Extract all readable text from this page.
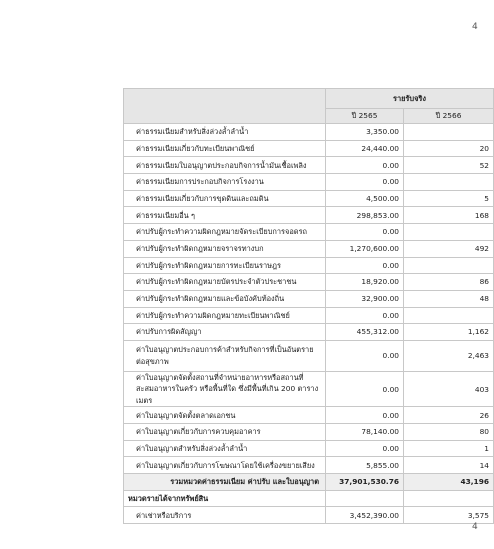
4
	รายรับจริง	
	ปี 2565	ปี 2566
ค่าธรรมเนียมสำหรับสิ่งล่วงล้ำลำน้ำ	3,350.00	
ค่าธรรมเนียมเกี่ยวกับทะเบียนพาณิชย์	24,440.00	20
ค่าธรรมเนียมใบอนุญาตประกอบกิจการน้ำมันเชื้อเพลิง	0.00	52
ค่าธรรมเนียมการประกอบกิจการโรงงาน	0.00	
ค่าธรรมเนียมเกี่ยวกับการขุดดินและถมดิน	4,500.00	5
ค่าธรรมเนียมอื่น ๆ	298,853.00	168
ค่าปรับผู้กระทำความผิดกฎหมายจัดระเบียบการจอดรถ	0.00	
ค่าปรับผู้กระทำผิดกฎหมายจราจรทางบก	1,270,600.00	492
ค่าปรับผู้กระทำผิดกฎหมายการทะเบียนราษฎร	0.00	
ค่าปรับผู้กระทำผิดกฎหมายบัตรประจำตัวประชาชน	18,920.00	86
ค่าปรับผู้กระทำผิดกฎหมายและข้อบังคับท้องถิ่น	32,900.00	48
ค่าปรับผู้กระทำความผิดกฎหมายทะเบียนพาณิชย์	0.00	
ค่าปรับการผิดสัญญา	455,312.00	1,162
ค่าใบอนุญาตประกอบการค้าสำหรับกิจการที่เป็นอันตรายต่อสุขภาพ	0.00	2,463
ค่าใบอนุญาตจัดตั้งสถานที่จำหน่ายอาหารหรือสถานที่สะสมอาหารในครัว หรือพื้นที่ใด ซึ่งมีพื้นที่เกิน 200 ตารางเมตร	0.00	403
ค่าใบอนุญาตจัดตั้งตลาดเอกชน	0.00	26
ค่าใบอนุญาตเกี่ยวกับการควบคุมอาคาร	78,140.00	80
ค่าใบอนุญาตสำหรับสิ่งล่วงล้ำลำน้ำ	0.00	1
ค่าใบอนุญาตเกี่ยวกับการโฆษณาโดยใช้เครื่องขยายเสียง	5,855.00	14
รวมหมวดค่าธรรมเนียม ค่าปรับ และใบอนุญาต	37,901,530.76	43,196
หมวดรายได้จากทรัพย์สิน		
ค่าเช่าหรือบริการ	3,452,390.00	3,575
4
